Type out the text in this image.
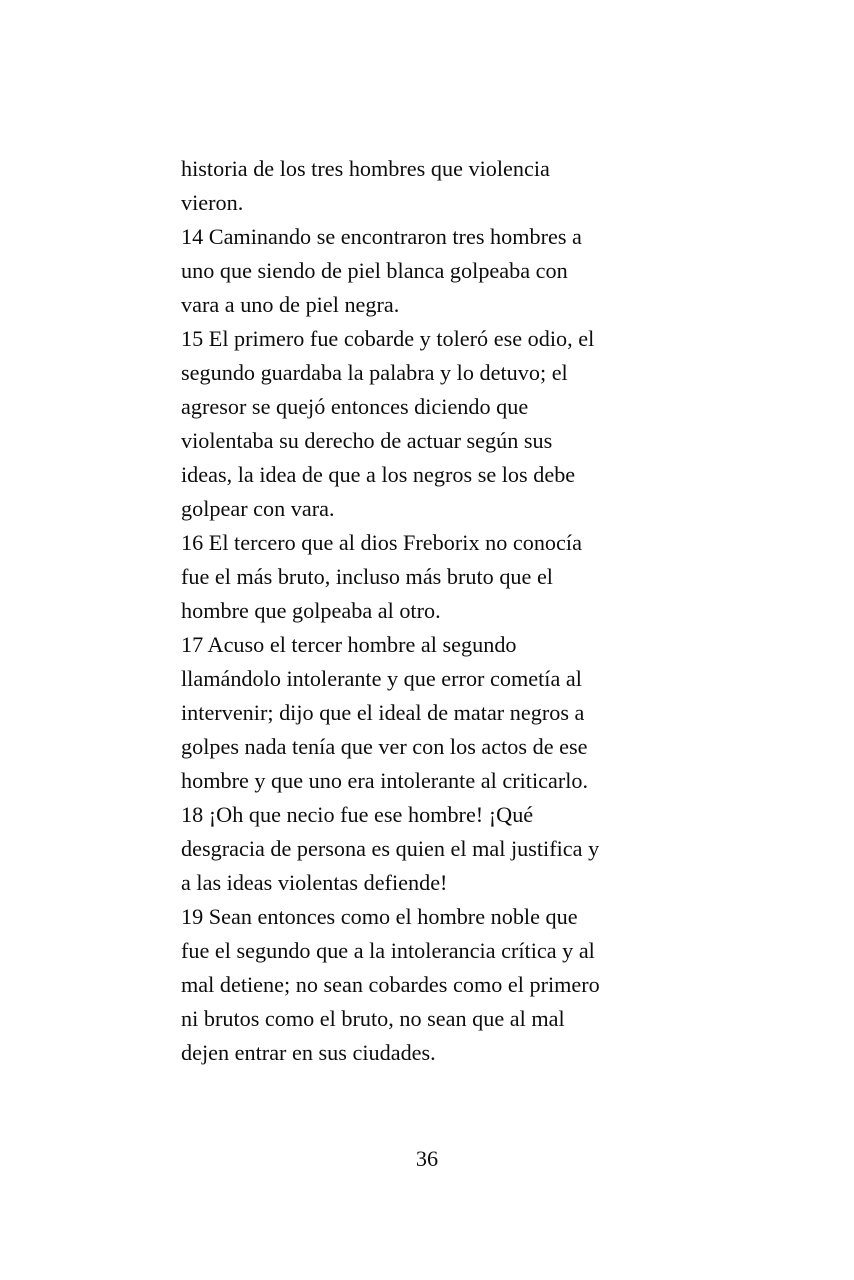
historia de los tres hombres que violencia
vieron.
14 Caminando se encontraron tres hombres a
uno que siendo de piel blanca golpeaba con
vara a uno de piel negra.
15 El primero fue cobarde y toleró ese odio, el
segundo guardaba la palabra y lo detuvo; el
agresor se quejó entonces diciendo que
violentaba su derecho de actuar según sus
ideas, la idea de que a los negros se los debe
golpear con vara.
16 El tercero que al dios Freborix no conocía
fue el más bruto, incluso más bruto que el
hombre que golpeaba al otro.
17 Acuso el tercer hombre al segundo
llamándolo intolerante y que error cometía al
intervenir; dijo que el ideal de matar negros a
golpes nada tenía que ver con los actos de ese
hombre y que uno era intolerante al criticarlo.
18 ¡Oh que necio fue ese hombre! ¡Qué
desgracia de persona es quien el mal justifica y
a las ideas violentas defiende!
19 Sean entonces como el hombre noble que
fue el segundo que a la intolerancia crítica y al
mal detiene; no sean cobardes como el primero
ni brutos como el bruto, no sean que al mal
dejen entrar en sus ciudades.
36
